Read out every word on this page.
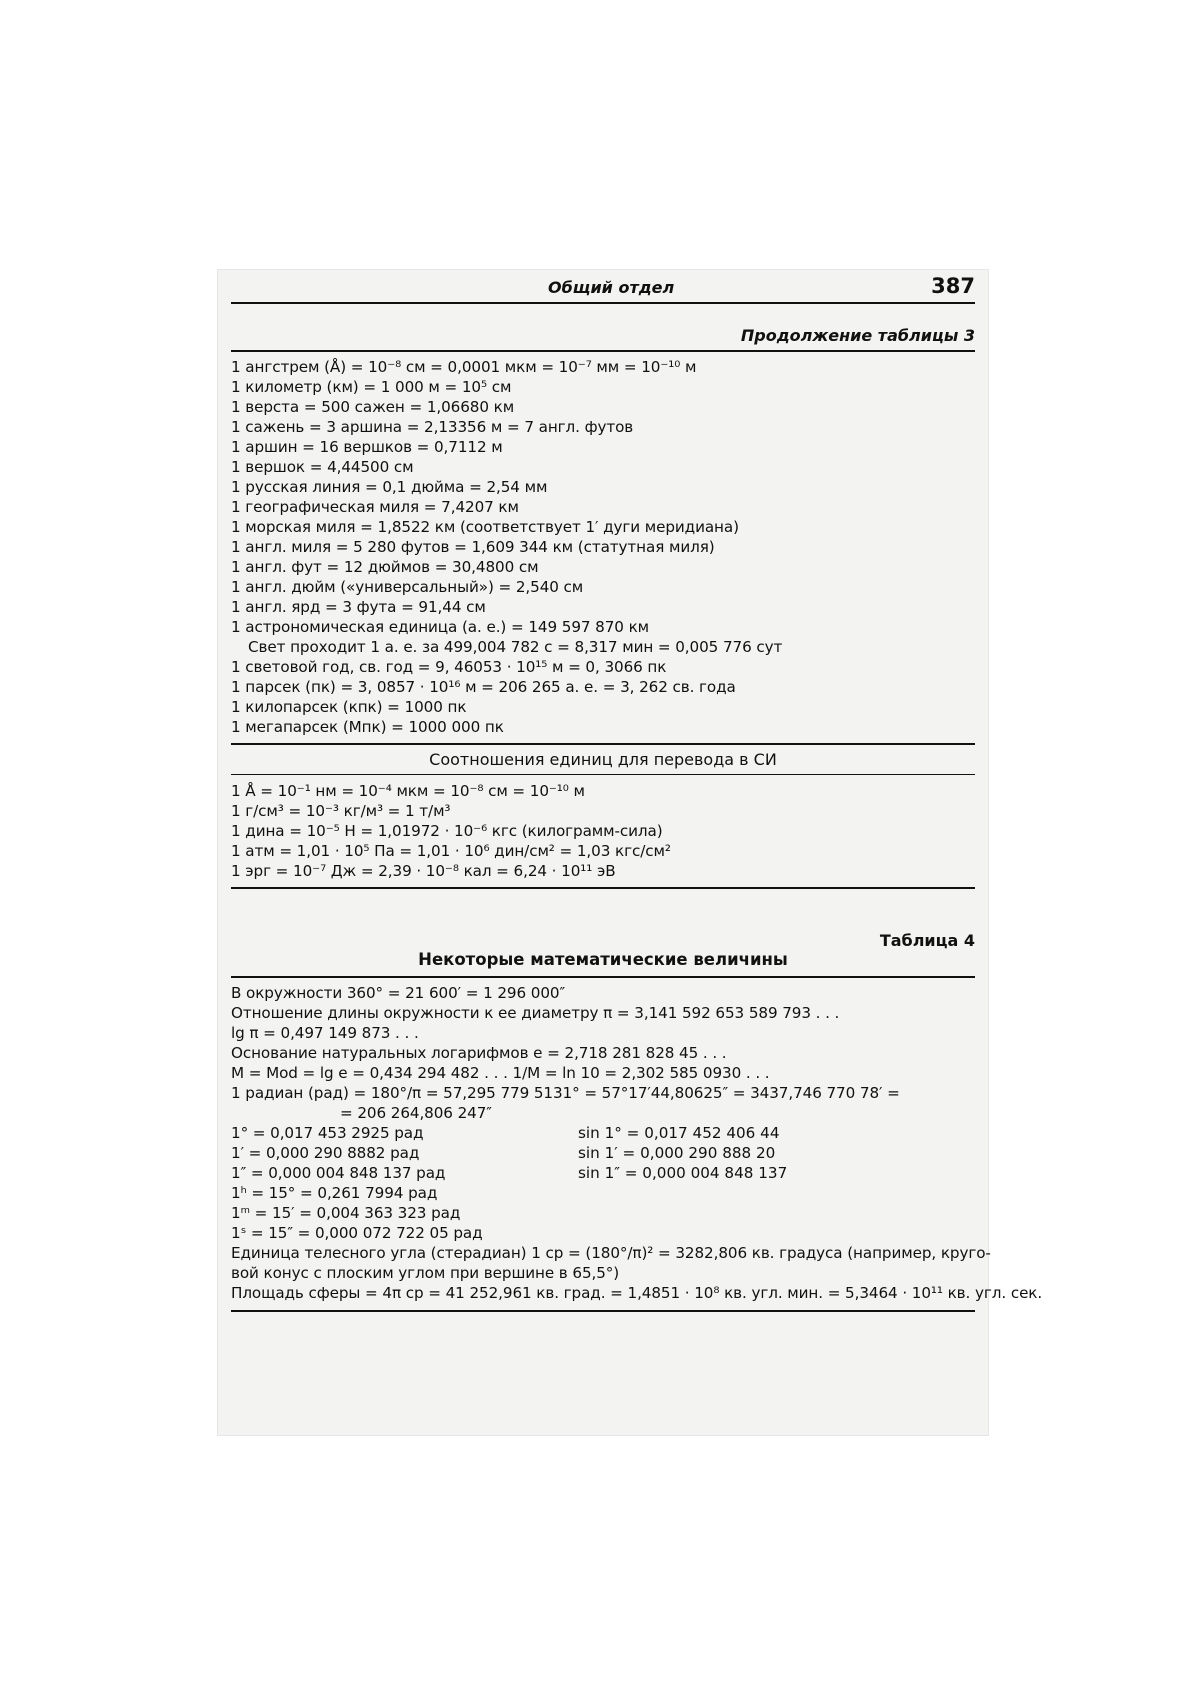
Общий отдел	387
Продолжение таблицы 3
1 ангстрем (Å) = 10⁻⁸ см = 0,0001 мкм = 10⁻⁷ мм = 10⁻¹⁰ м
1 километр (км) = 1 000 м = 10⁵ см
1 верста = 500 сажен = 1,06680 км
1 сажень = 3 аршина = 2,13356 м = 7 англ. футов
1 аршин = 16 вершков = 0,7112 м
1 вершок = 4,44500 см
1 русская линия = 0,1 дюйма = 2,54 мм
1 географическая миля = 7,4207 км
1 морская миля = 1,8522 км (соответствует 1′ дуги меридиана)
1 англ. миля = 5 280 футов = 1,609 344 км (статутная миля)
1 англ. фут = 12 дюймов = 30,4800 см
1 англ. дюйм («универсальный») = 2,540 см
1 англ. ярд = 3 фута = 91,44 см
1 астрономическая единица (а. е.) = 149 597 870 км
Свет проходит 1 а. е. за 499,004 782 с = 8,317 мин = 0,005 776 сут
1 световой год, св. год = 9, 46053 · 10¹⁵ м = 0, 3066 пк
1 парсек (пк) = 3, 0857 · 10¹⁶ м = 206 265 а. е. = 3, 262 св. года
1 килопарсек (кпк) = 1000 пк
1 мегапарсек (Мпк) = 1000 000 пк
Соотношения единиц для перевода в СИ
1 Å = 10⁻¹ нм = 10⁻⁴ мкм = 10⁻⁸ см = 10⁻¹⁰ м
1 г/см³ = 10⁻³ кг/м³ = 1 т/м³
1 дина = 10⁻⁵ Н = 1,01972 · 10⁻⁶ кгс (килограмм-сила)
1 атм = 1,01 · 10⁵ Па = 1,01 · 10⁶ дин/см² = 1,03 кгс/см²
1 эрг = 10⁻⁷ Дж = 2,39 · 10⁻⁸ кал = 6,24 · 10¹¹ эВ
Таблица 4
Некоторые математические величины
В окружности 360° = 21 600′ = 1 296 000″
Отношение длины окружности к ее диаметру π = 3,141 592 653 589 793 . . .
lg π = 0,497 149 873 . . .
Основание натуральных логарифмов e = 2,718 281 828 45 . . .
M = Mod = lg e = 0,434 294 482 . . . 1/M = ln 10 = 2,302 585 0930 . . .
1 радиан (рад) = 180°/π = 57,295 779 5131° = 57°17′44,80625″ = 3437,746 770 78′ =
= 206 264,806 247″
1° = 0,017 453 2925 рад	sin 1° = 0,017 452 406 44
1′ = 0,000 290 8882 рад	sin 1′ = 0,000 290 888 20
1″ = 0,000 004 848 137 рад	sin 1″ = 0,000 004 848 137
1ʰ = 15° = 0,261 7994 рад
1ᵐ = 15′ = 0,004 363 323 рад
1ˢ = 15″ = 0,000 072 722 05 рад
Единица телесного угла (стерадиан) 1 ср = (180°/π)² = 3282,806 кв. градуса (например, круго-
вой конус с плоским углом при вершине в 65,5°)
Площадь сферы = 4π ср = 41 252,961 кв. град. = 1,4851 · 10⁸ кв. угл. мин. = 5,3464 · 10¹¹ кв. угл. сек.
